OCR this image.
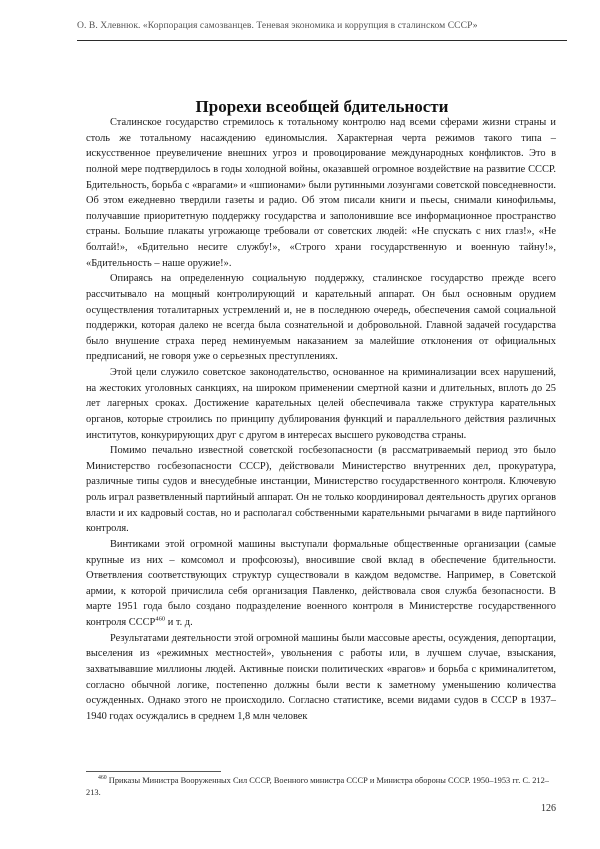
О. В. Хлевнюк. «Корпорация самозванцев. Теневая экономика и коррупция в сталинском СССР»
Прорехи всеобщей бдительности

Сталинское государство стремилось к тотальному контролю над всеми сферами жизни страны и столь же тотальному насаждению единомыслия. Характерная черта режимов такого типа – искусственное преувеличение внешних угроз и провоцирование международных конфликтов. Это в полной мере подтвердилось в годы холодной войны, оказавшей огромное воздействие на развитие СССР. Бдительность, борьба с «врагами» и «шпионами» были рутинными лозунгами советской повседневности. Об этом ежедневно твердили газеты и радио. Об этом писали книги и пьесы, снимали кинофильмы, получавшие приоритетную поддержку государства и заполонившие все информационное пространство страны. Большие плакаты угрожающе требовали от советских людей: «Не спускать с них глаз!», «Не болтай!», «Бдительно несите службу!», «Строго храни государственную и военную тайну!», «Бдительность – наше оружие!».

Опираясь на определенную социальную поддержку, сталинское государство прежде всего рассчитывало на мощный контролирующий и карательный аппарат. Он был основным орудием осуществления тоталитарных устремлений и, не в последнюю очередь, обеспечения самой социальной поддержки, которая далеко не всегда была сознательной и добровольной. Главной задачей государства было внушение страха перед неминуемым наказанием за малейшие отклонения от официальных предписаний, не говоря уже о серьезных преступлениях.

Этой цели служило советское законодательство, основанное на криминализации всех нарушений, на жестоких уголовных санкциях, на широком применении смертной казни и длительных, вплоть до 25 лет лагерных сроках. Достижение карательных целей обеспечивала также структура карательных органов, которые строились по принципу дублирования функций и параллельного действия различных институтов, конкурирующих друг с другом в интересах высшего руководства страны.

Помимо печально известной советской госбезопасности (в рассматриваемый период это было Министерство госбезопасности СССР), действовали Министерство внутренних дел, прокуратура, различные типы судов и внесудебные инстанции, Министерство государственного контроля. Ключевую роль играл разветвленный партийный аппарат. Он не только координировал деятельность других органов власти и их кадровый состав, но и располагал собственными карательными рычагами в виде партийного контроля.

Винтиками этой огромной машины выступали формальные общественные организации (самые крупные из них – комсомол и профсоюзы), вносившие свой вклад в обеспечение бдительности. Ответвления соответствующих структур существовали в каждом ведомстве. Например, в Советской армии, к которой причислила себя организация Павленко, действовала своя служба безопасности. В марте 1951 года было создано подразделение военного контроля в Министерстве государственного контроля СССР$^{460}$ и т. д.

Результатами деятельности этой огромной машины были массовые аресты, осуждения, депортации, выселения из «режимных местностей», увольнения с работы или, в лучшем случае, взыскания, захватывавшие миллионы людей. Активные поиски политических «врагов» и борьба с криминалитетом, согласно обычной логике, постепенно должны были вести к заметному уменьшению количества осужденных. Однако этого не происходило. Согласно статистике, всеми видами судов в СССР в 1937–1940 годах осуждались в среднем 1,8 млн человек

$^{460}$ Приказы Министра Вооруженных Сил СССР, Военного министра СССР и Министра обороны СССР. 1950–1953 гг. С. 212–213.
126
